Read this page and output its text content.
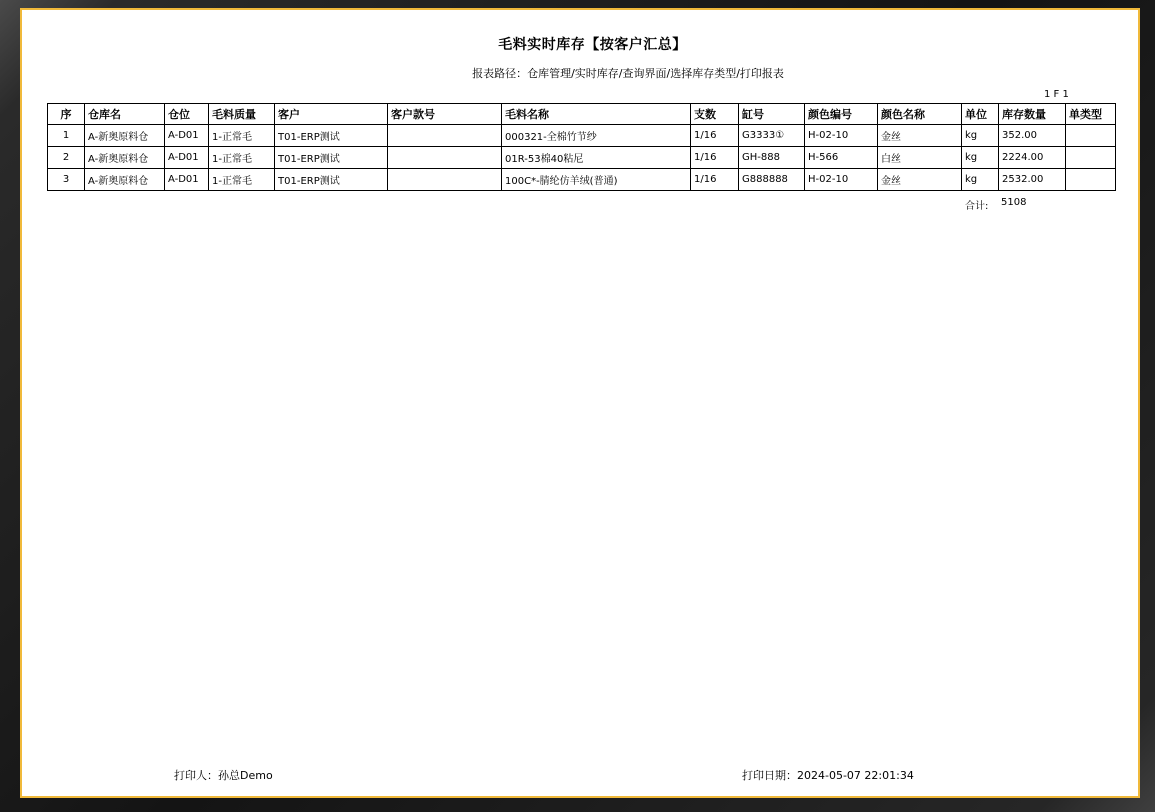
毛料实时库存【按客户汇总】
报表路径：仓库管理/实时库存/查询界面/选择库存类型/打印报表
1 F 1
序	仓库名	仓位	毛料质量	客户	客户款号	毛料名称	支数	缸号	颜色编号	颜色名称	单位	库存数量	单类型
1	A-新奥原料仓	A-D01	1-正常毛	T01-ERP测试		000321-全棉竹节纱	1/16	G3333①	H-02-10	金丝	kg	352.00	
2	A-新奥原料仓	A-D01	1-正常毛	T01-ERP测试		01R-53棉40粘尼	1/16	GH-888	H-566	白丝	kg	2224.00	
3	A-新奥原料仓	A-D01	1-正常毛	T01-ERP测试		100C*-腈纶仿羊绒(普通)	1/16	G888888	H-02-10	金丝	kg	2532.00	
合计: 5108
打印人：孙总Demo	打印日期：2024-05-07 22:01:34
